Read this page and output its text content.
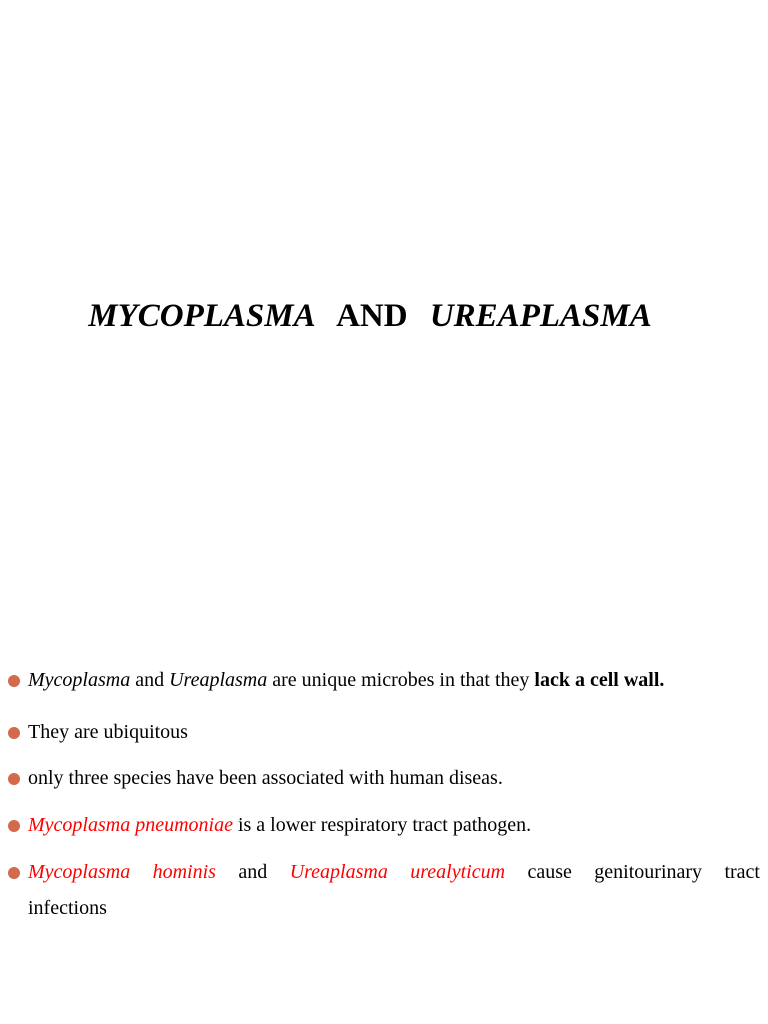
MYCOPLASMA AND UREAPLASMA
Mycoplasma and Ureaplasma are unique microbes in that they lack a cell wall.
They are ubiquitous
only three species have been associated with human diseas.
Mycoplasma pneumoniae is a lower respiratory tract pathogen.
Mycoplasma hominis and Ureaplasma urealyticum cause genitourinary tract
infections
